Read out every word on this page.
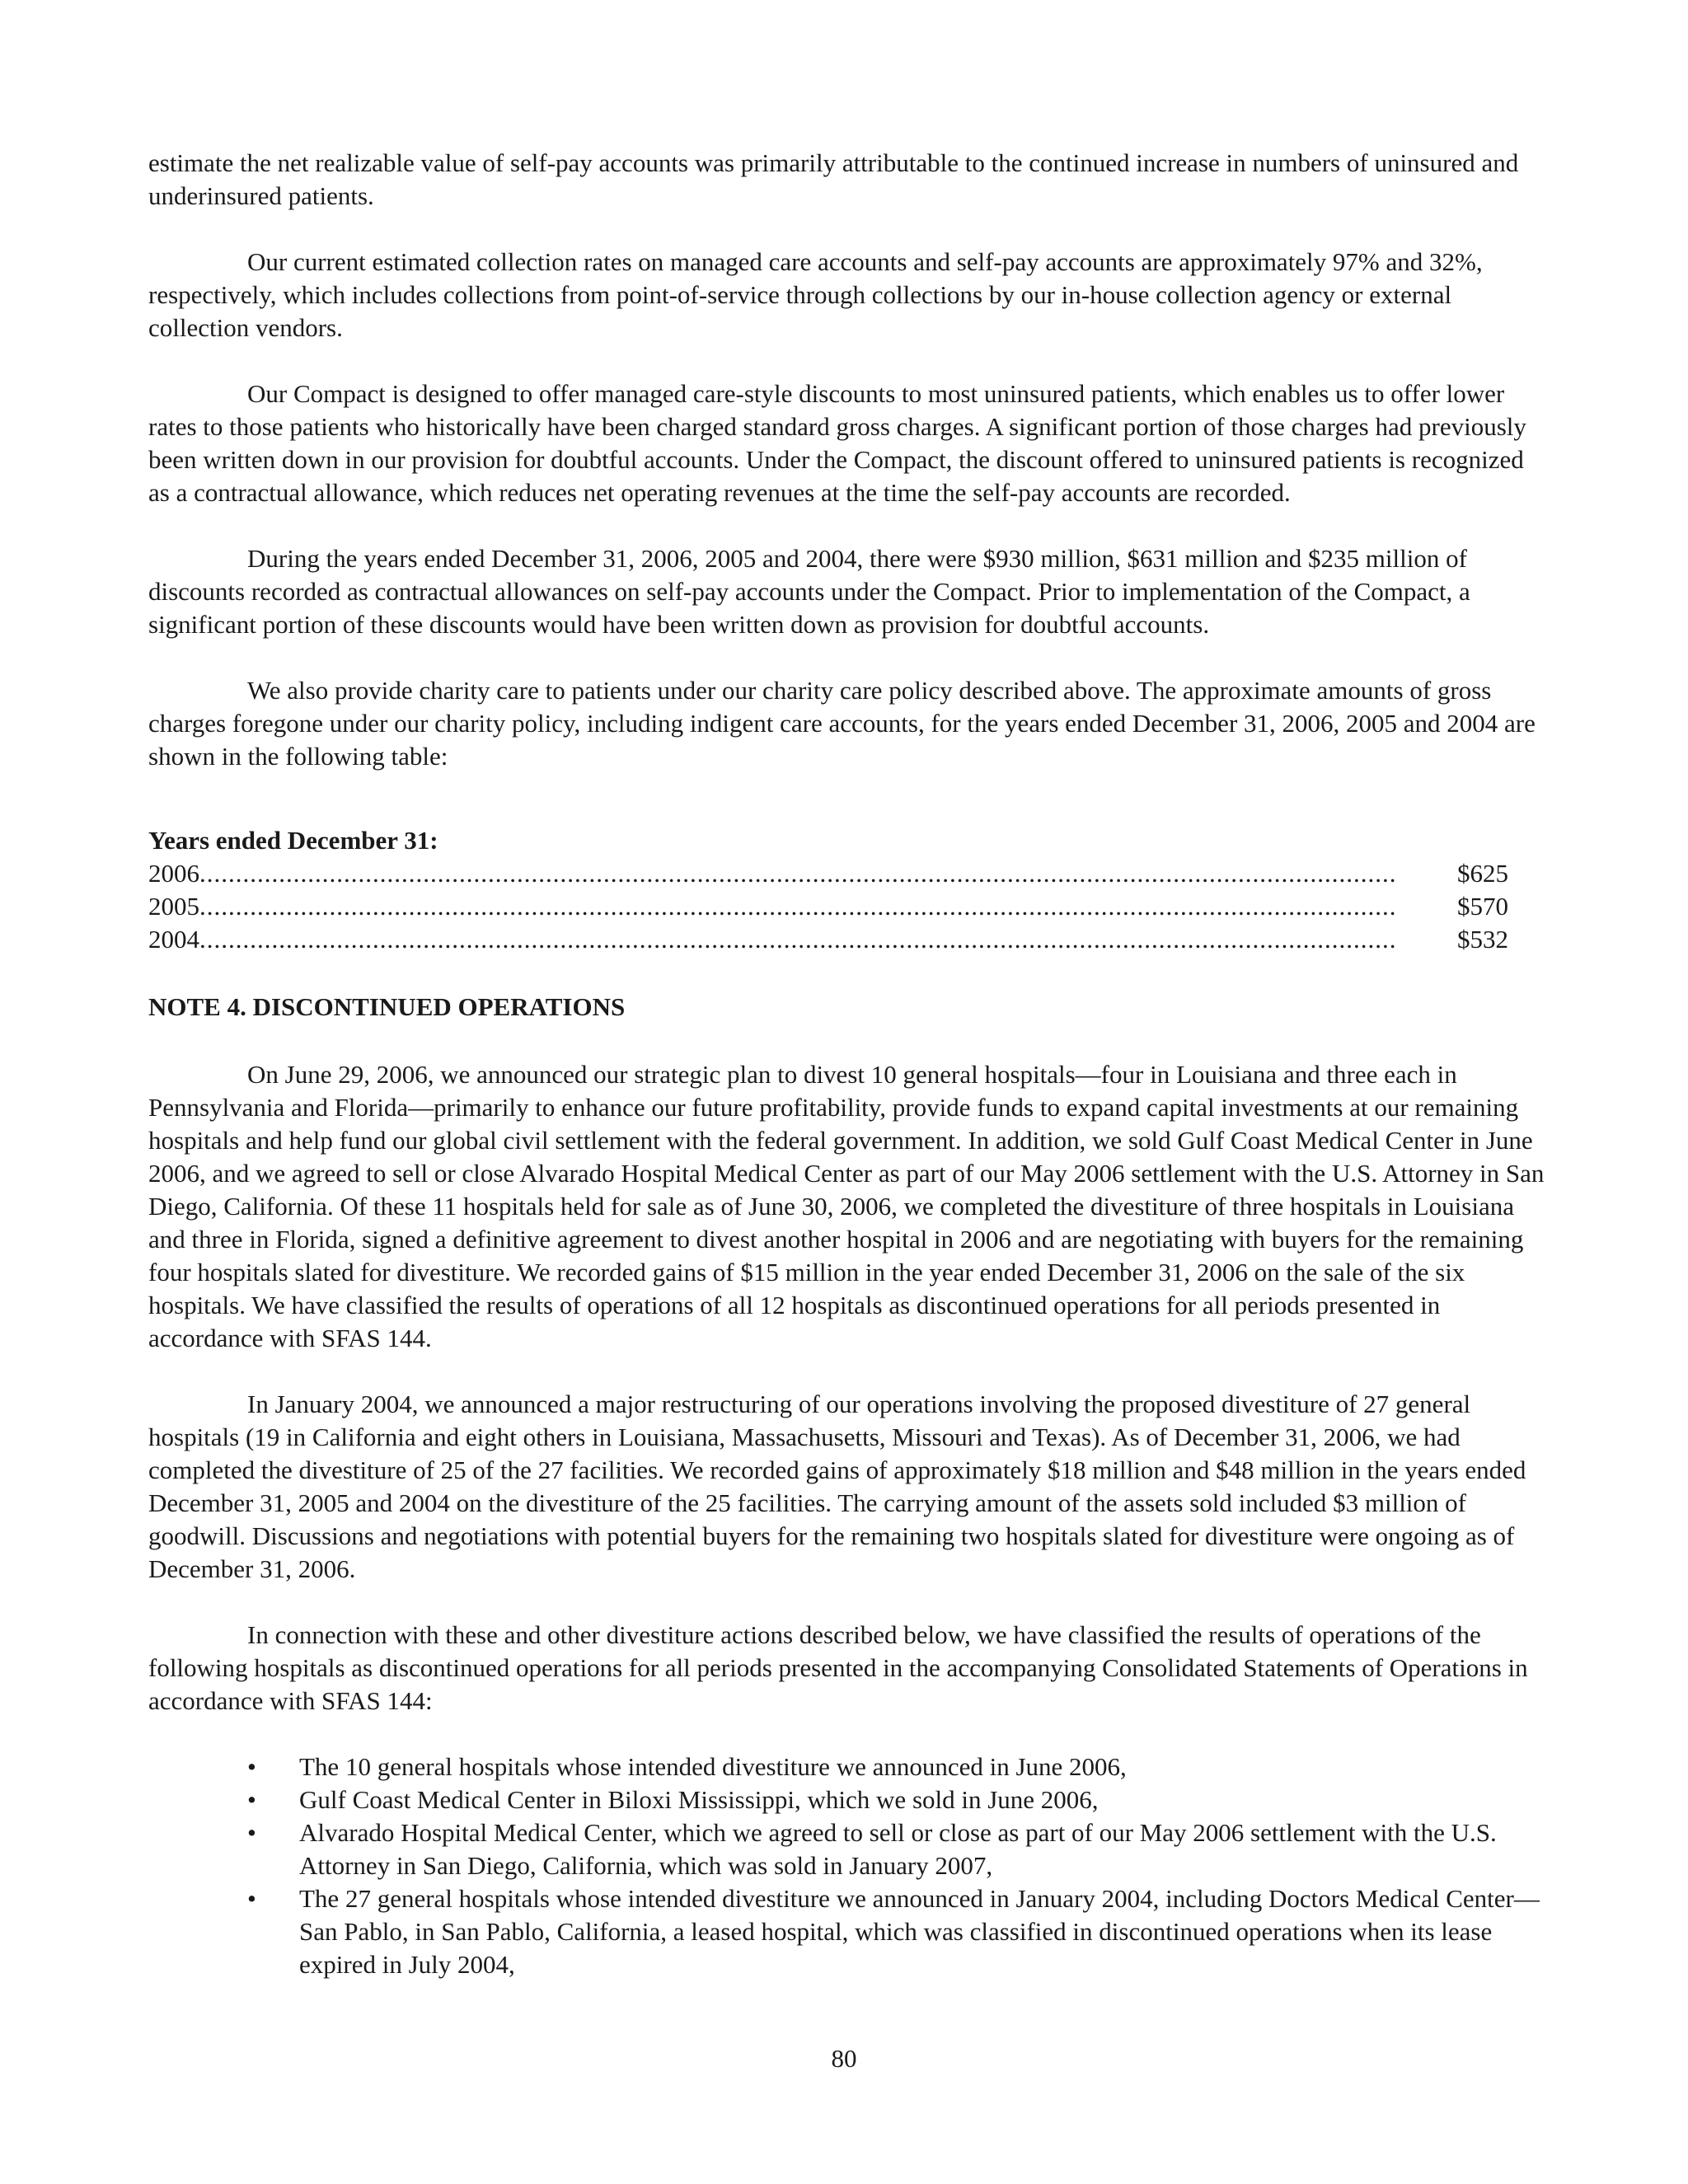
estimate the net realizable value of self-pay accounts was primarily attributable to the continued increase in numbers of uninsured and underinsured patients.

Our current estimated collection rates on managed care accounts and self-pay accounts are approximately 97% and 32%, respectively, which includes collections from point-of-service through collections by our in-house collection agency or external collection vendors.

Our Compact is designed to offer managed care-style discounts to most uninsured patients, which enables us to offer lower rates to those patients who historically have been charged standard gross charges. A significant portion of those charges had previously been written down in our provision for doubtful accounts. Under the Compact, the discount offered to uninsured patients is recognized as a contractual allowance, which reduces net operating revenues at the time the self-pay accounts are recorded.

During the years ended December 31, 2006, 2005 and 2004, there were $930 million, $631 million and $235 million of discounts recorded as contractual allowances on self-pay accounts under the Compact. Prior to implementation of the Compact, a significant portion of these discounts would have been written down as provision for doubtful accounts.

We also provide charity care to patients under our charity care policy described above. The approximate amounts of gross charges foregone under our charity policy, including indigent care accounts, for the years ended December 31, 2006, 2005 and 2004 are shown in the following table:

Years ended December 31:
2006 .....	$625
2005 .....	$570
2004 .....	$532
NOTE 4. DISCONTINUED OPERATIONS

On June 29, 2006, we announced our strategic plan to divest 10 general hospitals—four in Louisiana and three each in Pennsylvania and Florida—primarily to enhance our future profitability, provide funds to expand capital investments at our remaining hospitals and help fund our global civil settlement with the federal government. In addition, we sold Gulf Coast Medical Center in June 2006, and we agreed to sell or close Alvarado Hospital Medical Center as part of our May 2006 settlement with the U.S. Attorney in San Diego, California. Of these 11 hospitals held for sale as of June 30, 2006, we completed the divestiture of three hospitals in Louisiana and three in Florida, signed a definitive agreement to divest another hospital in 2006 and are negotiating with buyers for the remaining four hospitals slated for divestiture. We recorded gains of $15 million in the year ended December 31, 2006 on the sale of the six hospitals. We have classified the results of operations of all 12 hospitals as discontinued operations for all periods presented in accordance with SFAS 144.

In January 2004, we announced a major restructuring of our operations involving the proposed divestiture of 27 general hospitals (19 in California and eight others in Louisiana, Massachusetts, Missouri and Texas). As of December 31, 2006, we had completed the divestiture of 25 of the 27 facilities. We recorded gains of approximately $18 million and $48 million in the years ended December 31, 2005 and 2004 on the divestiture of the 25 facilities. The carrying amount of the assets sold included $3 million of goodwill. Discussions and negotiations with potential buyers for the remaining two hospitals slated for divestiture were ongoing as of December 31, 2006.

In connection with these and other divestiture actions described below, we have classified the results of operations of the following hospitals as discontinued operations for all periods presented in the accompanying Consolidated Statements of Operations in accordance with SFAS 144:

• The 10 general hospitals whose intended divestiture we announced in June 2006,
• Gulf Coast Medical Center in Biloxi Mississippi, which we sold in June 2006,
• Alvarado Hospital Medical Center, which we agreed to sell or close as part of our May 2006 settlement with the U.S. Attorney in San Diego, California, which was sold in January 2007,
• The 27 general hospitals whose intended divestiture we announced in January 2004, including Doctors Medical Center—San Pablo, in San Pablo, California, a leased hospital, which was classified in discontinued operations when its lease expired in July 2004,
80
